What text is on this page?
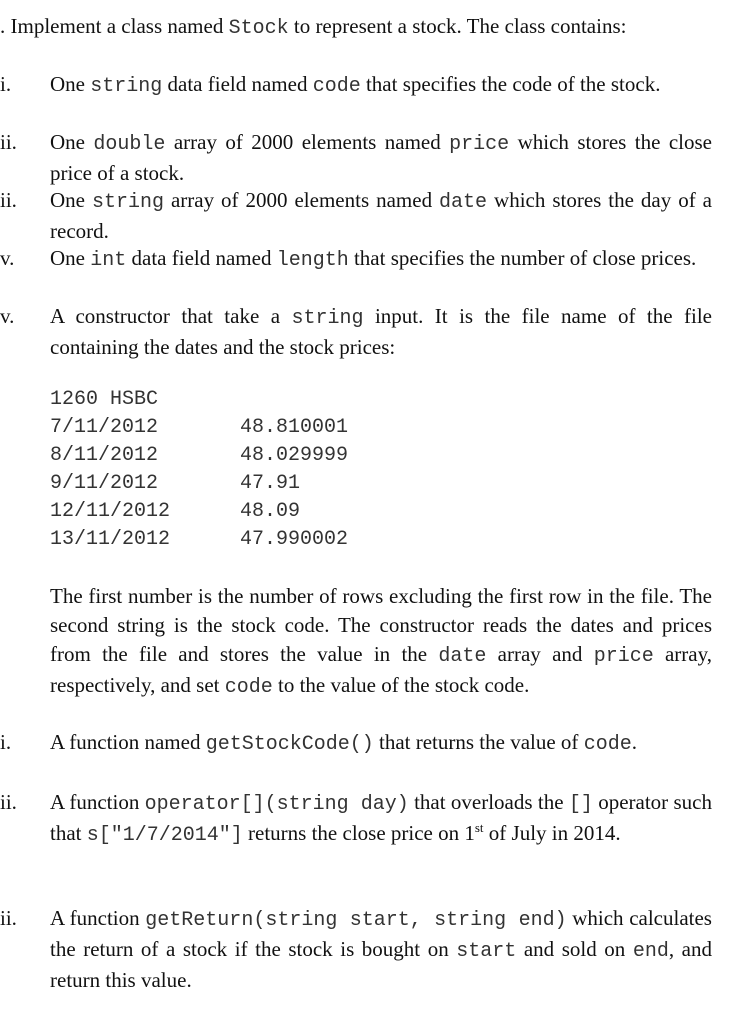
. Implement a class named Stock to represent a stock. The class contains:
i.	One string data field named code that specifies the code of the stock.
ii.	One double array of 2000 elements named price which stores the close price of a stock.
ii.	One string array of 2000 elements named date which stores the day of a record.
v.	One int data field named length that specifies the number of close prices.
v.	A constructor that take a string input. It is the file name of the file containing the dates and the stock prices:
1260 HSBC
7/11/2012	48.810001
8/11/2012	48.029999
9/11/2012	47.91
12/11/2012	48.09
13/11/2012	47.990002
The first number is the number of rows excluding the first row in the file. The second string is the stock code. The constructor reads the dates and prices from the file and stores the value in the date array and price array, respectively, and set code to the value of the stock code.
i.	A function named getStockCode() that returns the value of code.
ii.	A function operator[](string day) that overloads the [] operator such that s["1/7/2014"] returns the close price on 1st of July in 2014.
ii.	A function getReturn(string start, string end) which calculates the return of a stock if the stock is bought on start and sold on end, and return this value.
